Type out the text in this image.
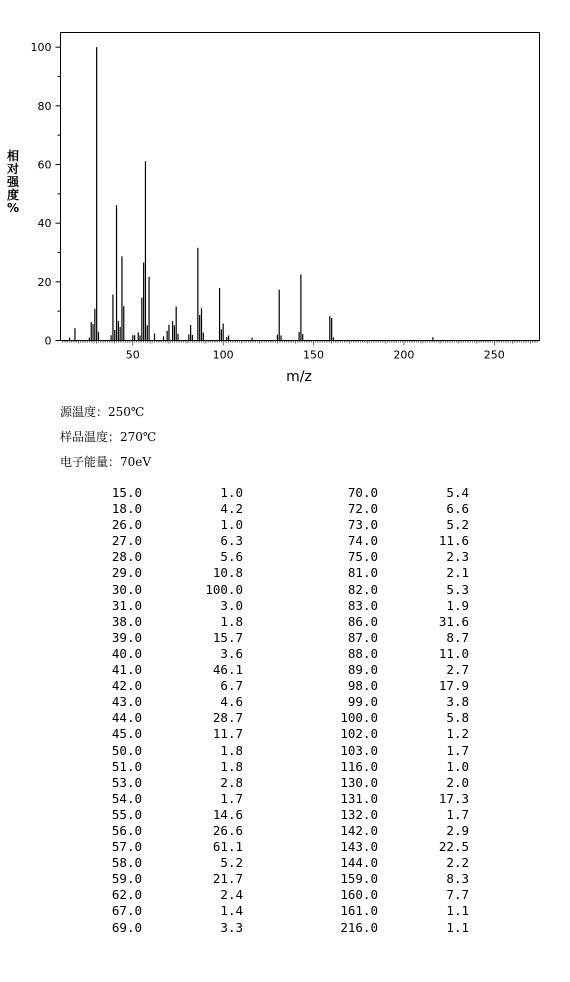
0
20
40
60
80
100
50	100	150	200	250
m/z
相
对
强
度
%
源温度：250℃
样品温度：270℃
电子能量：70eV
15.0	1.0	70.0	5.4
18.0	4.2	72.0	6.6
26.0	1.0	73.0	5.2
27.0	6.3	74.0	11.6
28.0	5.6	75.0	2.3
29.0	10.8	81.0	2.1
30.0	100.0	82.0	5.3
31.0	3.0	83.0	1.9
38.0	1.8	86.0	31.6
39.0	15.7	87.0	8.7
40.0	3.6	88.0	11.0
41.0	46.1	89.0	2.7
42.0	6.7	98.0	17.9
43.0	4.6	99.0	3.8
44.0	28.7	100.0	5.8
45.0	11.7	102.0	1.2
50.0	1.8	103.0	1.7
51.0	1.8	116.0	1.0
53.0	2.8	130.0	2.0
54.0	1.7	131.0	17.3
55.0	14.6	132.0	1.7
56.0	26.6	142.0	2.9
57.0	61.1	143.0	22.5
58.0	5.2	144.0	2.2
59.0	21.7	159.0	8.3
62.0	2.4	160.0	7.7
67.0	1.4	161.0	1.1
69.0	3.3	216.0	1.1
